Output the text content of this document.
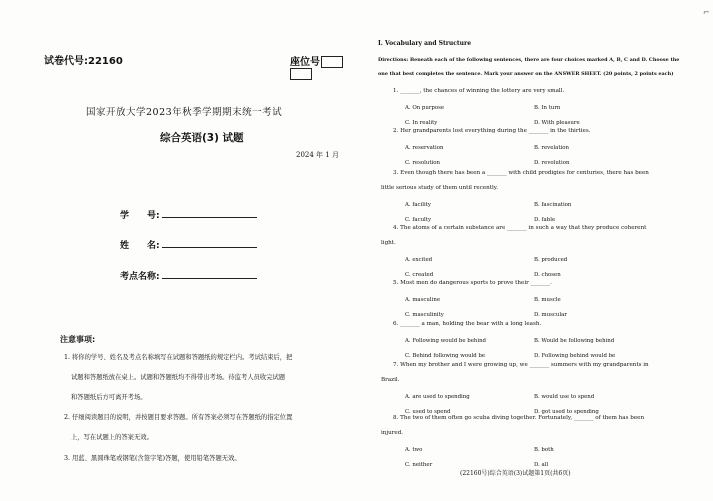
试卷代号:22160	座位号
国家开放大学2023年秋季学期期末统一考试
综合英语(3) 试题
2024 年 1 月
学　　号:
姓　　名:
考点名称:
注意事项:
1. 将你的学号、姓名及考点名称填写在试题和答题纸的规定栏内。考试结束后，把
试题和答题纸放在桌上。试题和答题纸均不得带出考场。待监考人员收完试题
和答题纸后方可离开考场。
2. 仔细阅读题目的说明，并按题目要求答题。所有答案必须写在答题纸的指定位置
上，写在试题上的答案无效。
3. 用蓝、黑圆珠笔或钢笔(含签字笔)答题，使用铅笔答题无效。
Ⅰ. Vocabulary and Structure
Directions: Beneath each of the following sentences, there are four choices marked A, B, C and D. Choose the
one that best completes the sentence. Mark your answer on the ANSWER SHEET. (20 points, 2 points each)
1. _______, the chances of winning the lottery are very small.
A. On purpose	B. In turn
C. In reality	D. With pleasure
2. Her grandparents lost everything during the _______ in the thirties.
A. reservation	B. revelation
C. resolution	D. revolution
3. Even though there has been a _______ with child prodigies for centuries, there has been
little serious study of them until recently.
A. facility	B. fascination
C. faculty	D. fable
4. The atoms of a certain substance are _______ in such a way that they produce coherent
light.
A. excited	B. produced
C. created	D. chosen
5. Most men do dangerous sports to prove their _______.
A. masculine	B. muscle
C. masculinity	D. muscular
6. _______ a man, holding the bear with a long leash.
A. Following would be behind	B. Would be following behind
C. Behind following would be	D. Following behind would be
7. When my brother and I were growing up, we _______ summers with my grandparents in
Brazil.
A. are used to spending	B. would use to spend
C. used to spend	D. got used to spending
8. The two of them often go scuba diving together. Fortunately, _______ of them has been
injured.
A. two	B. both
C. neither	D. all
(22160号)综合英语(3)试题第1页(共6页)
⌐
